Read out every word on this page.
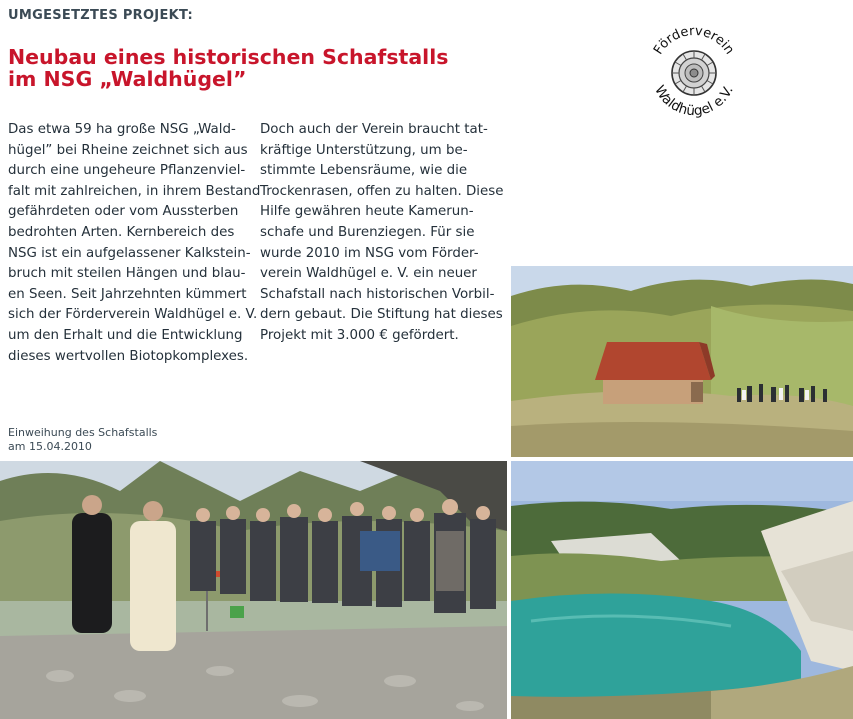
UMGESETZTES PROJEKT:
Neubau eines historischen Schafstalls
im NSG „Waldhügel”
Das etwa 59 ha große NSG „Wald-
hügel” bei Rheine zeichnet sich aus
durch eine ungeheure Pflanzenviel-
falt mit zahlreichen, in ihrem Bestand
gefährdeten oder vom Aussterben
bedrohten Arten. Kernbereich des
NSG ist ein aufgelassener Kalkstein-
bruch mit steilen Hängen und blau-
en Seen. Seit Jahrzehnten kümmert
sich der Förderverein Waldhügel e. V.
um den Erhalt und die Entwicklung
dieses wertvollen Biotopkomplexes.
Doch auch der Verein braucht tat-
kräftige Unterstützung, um be-
stimmte Lebensräume, wie die
Trockenrasen, offen zu halten. Diese
Hilfe gewähren heute Kamerun-
schafe und Burenziegen. Für sie
wurde 2010 im NSG vom Förder-
verein Waldhügel e. V. ein neuer
Schafstall nach historischen Vorbil-
dern gebaut. Die Stiftung hat dieses
Projekt mit 3.000 € gefördert.
Einweihung des Schafstalls
am 15.04.2010
Förderverein
Waldhügel e.V.
